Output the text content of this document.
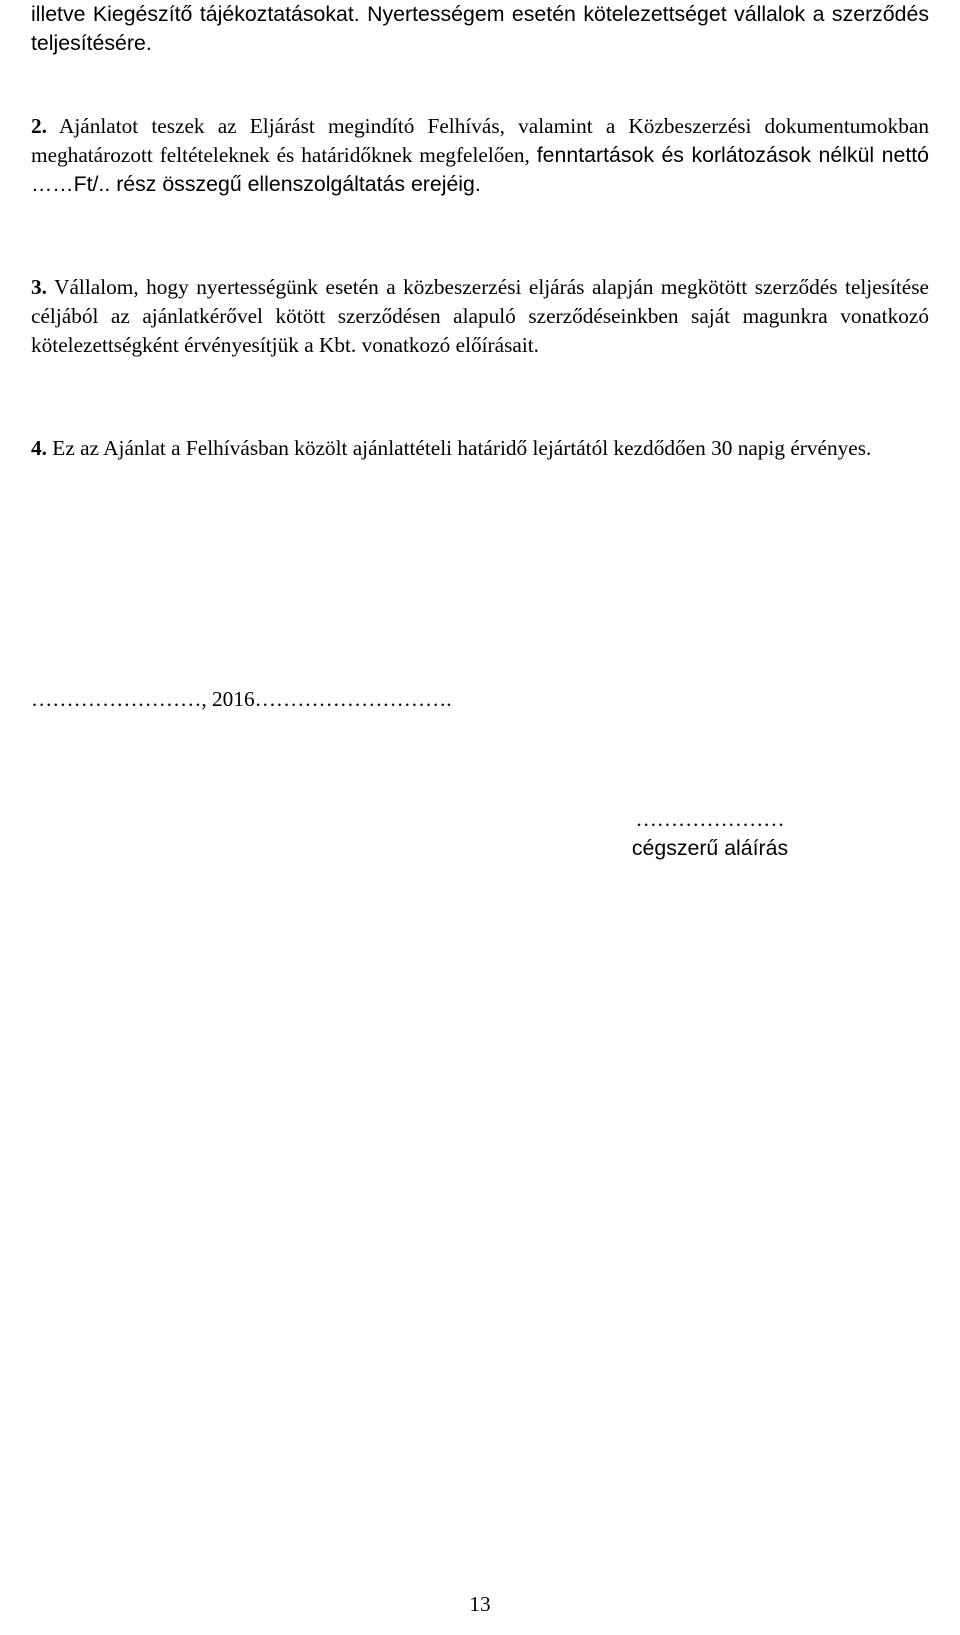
illetve Kiegészítő tájékoztatásokat. Nyertességem esetén kötelezettséget vállalok a szerződés teljesítésére.

2. Ajánlatot teszek az Eljárást megindító Felhívás, valamint a Közbeszerzési dokumentumokban meghatározott feltételeknek és határidőknek megfelelően, fenntartások és korlátozások nélkül nettó ……Ft/.. rész összegű ellenszolgáltatás erejéig.

3. Vállalom, hogy nyertességünk esetén a közbeszerzési eljárás alapján megkötött szerződés teljesítése céljából az ajánlatkérővel kötött szerződésen alapuló szerződéseinkben saját magunkra vonatkozó kötelezettségként érvényesítjük a Kbt. vonatkozó előírásait.

4. Ez az Ajánlat a Felhívásban közölt ajánlattételi határidő lejártától kezdődően 30 napig érvényes.

……………………, 2016……………………….

…………………
cégszerű aláírás
13
